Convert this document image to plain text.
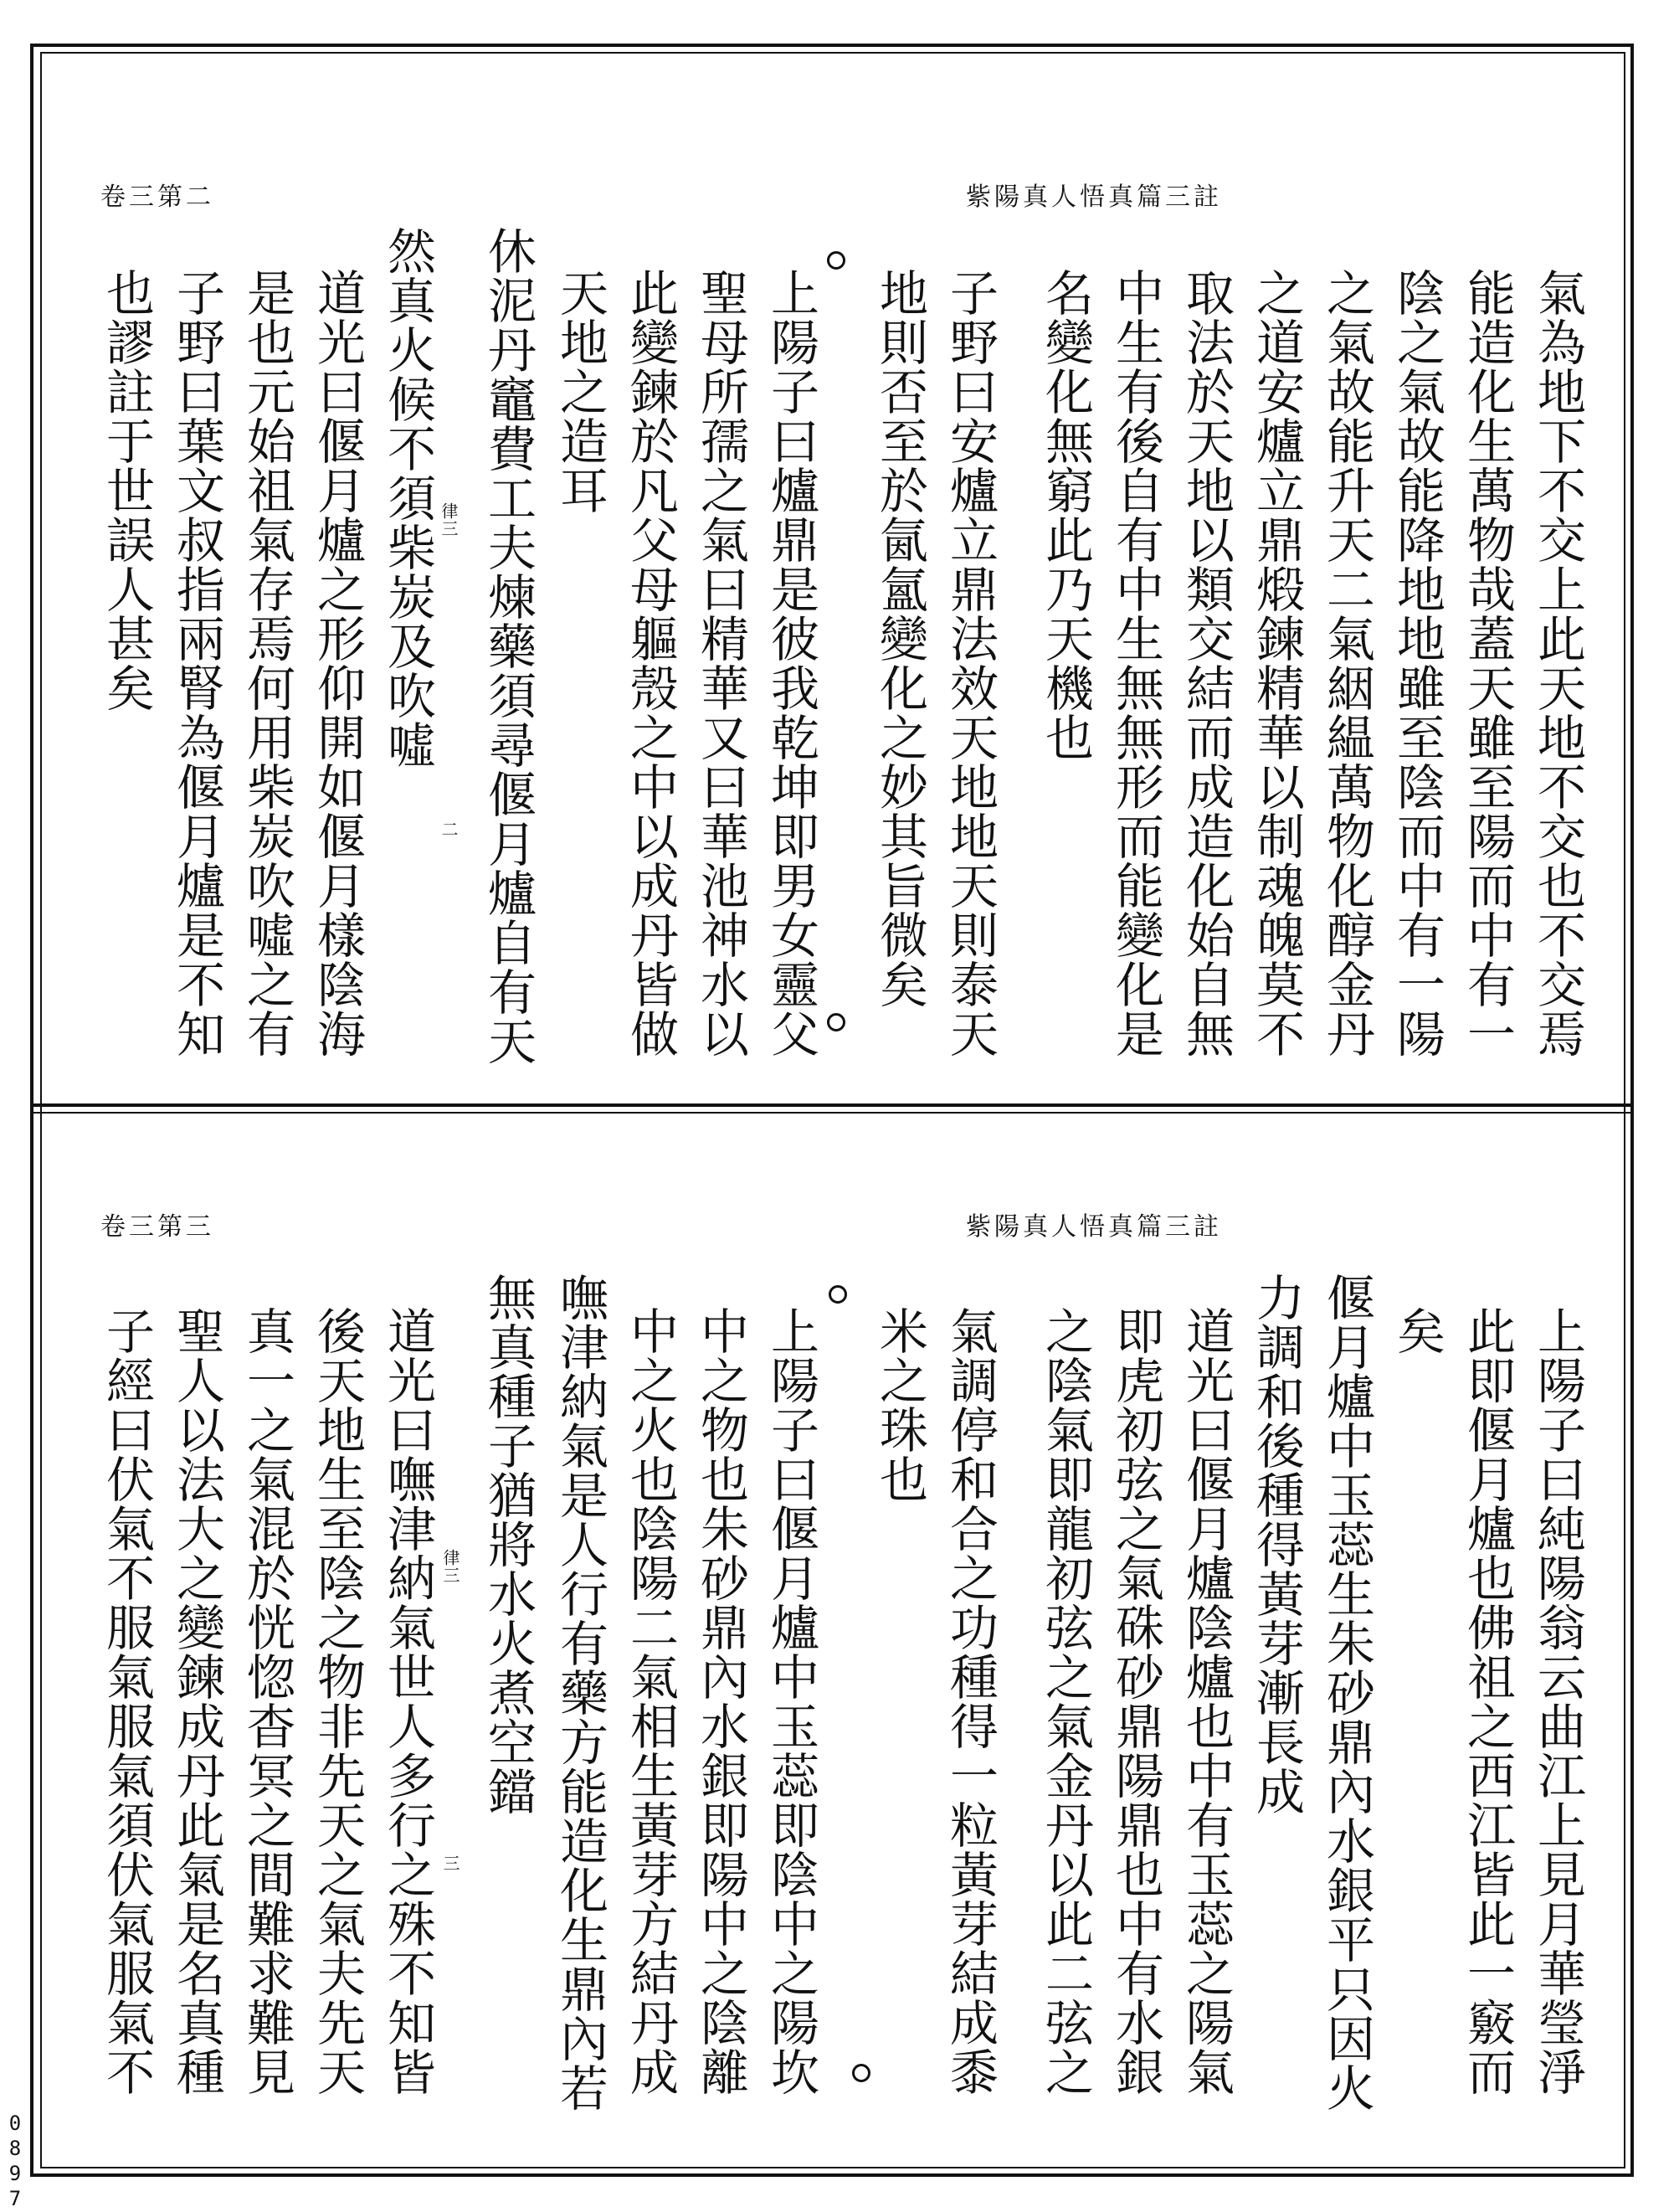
卷三第二	紫陽真人悟真篇三註
氣為地下不交上此天地不交也不交焉
能造化生萬物哉蓋天雖至陽而中有一
陰之氣故能降地地雖至陰而中有一陽
之氣故能升天二氣絪緼萬物化醇金丹
之道安爐立鼎煅鍊精華以制魂魄莫不
取法於天地以類交結而成造化始自無
中生有後自有中生無無形而能變化是
名變化無窮此乃天機也
子野曰安爐立鼎法效天地地天則泰天
地則否至於氤氳變化之妙其旨微矣
上陽子曰爐鼎是彼我乾坤即男女靈父
聖母所孺之氣曰精華又曰華池神水以
此變鍊於凡父母軀殼之中以成丹皆做
天地之造耳
休泥丹竈費工夫煉藥須尋偃月爐自有天
然真火候不須柴炭及吹噓
道光曰偃月爐之形仰開如偃月樣陰海
是也元始祖氣存焉何用柴炭吹噓之有
子野曰葉文叔指兩腎為偃月爐是不知
也謬註于世誤人甚矣	律三
二
卷三第三	紫陽真人悟真篇三註
上陽子曰純陽翁云曲江上見月華瑩淨
此即偃月爐也佛祖之西江皆此一竅而
矣
偃月爐中玉蕊生朱砂鼎內水銀平只因火
力調和後種得黃芽漸長成
道光曰偃月爐陰爐也中有玉蕊之陽氣
即虎初弦之氣硃砂鼎陽鼎也中有水銀
之陰氣即龍初弦之氣金丹以此二弦之
氣調停和合之功種得一粒黃芽結成黍
米之珠也
上陽子曰偃月爐中玉蕊即陰中之陽坎
中之物也朱砂鼎內水銀即陽中之陰離
中之火也陰陽二氣相生黃芽方結丹成
嘸津納氣是人行有藥方能造化生鼎內若
無真種子猶將水火煮空鐺
道光曰嘸津納氣世人多行之殊不知皆
後天地生至陰之物非先天之氣夫先天
真一之氣混於恍惚杳冥之間難求難見
聖人以法大之變鍊成丹此氣是名真種
子經曰伏氣不服氣服氣須伏氣服氣不	律三
三
0897
